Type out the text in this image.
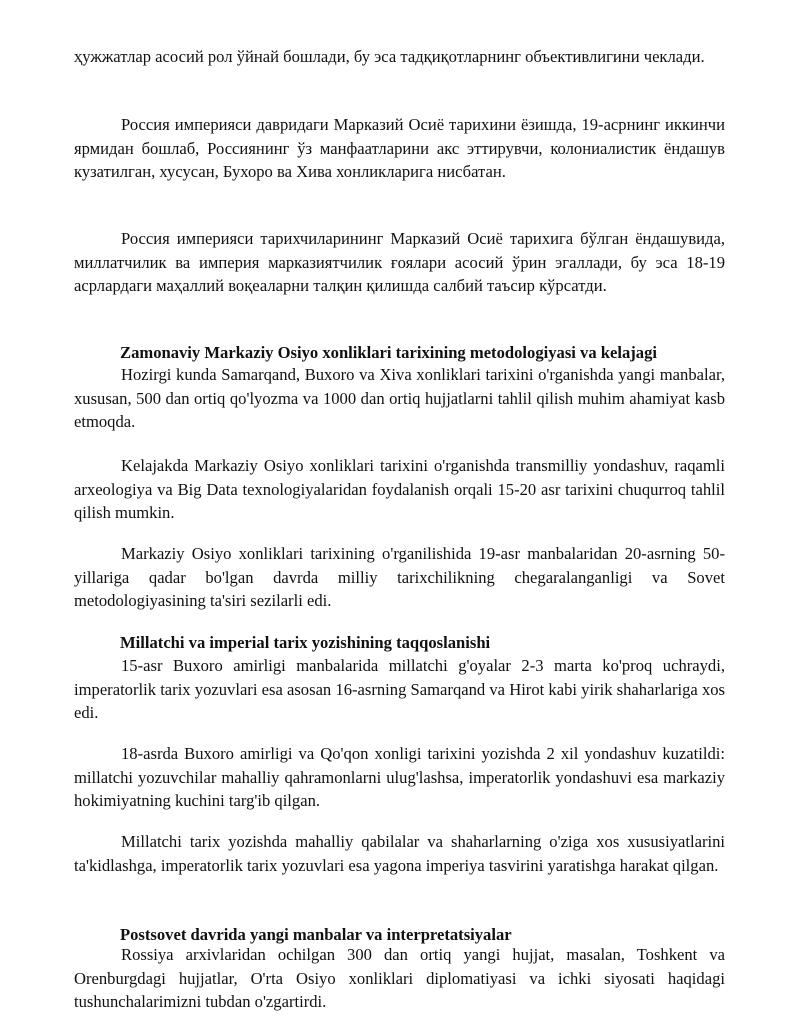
ҳужжатлар асосий рол ўйнай бошлади, бу эса тадқиқотларнинг объективлигини чеклади.

Россия империяси давридаги Марказий Осиё тарихини ёзишда, 19-асрнинг иккинчи ярмидан бошлаб, Россиянинг ўз манфаатларини акс эттирувчи, колониалистик ёндашув кузатилган, хусусан, Бухоро ва Хива хонликларига нисбатан.

Россия империяси тарихчиларининг Марказий Осиё тарихига бўлган ёндашувида, миллатчилик ва империя марказиятчилик ғоялари асосий ўрин эгаллади, бу эса 18-19 асрлардаги маҳаллий воқеаларни талқин қилишда салбий таъсир кўрсатди.

Zamonaviy Markaziy Osiyo xonliklari tarixining metodologiyasi va kelajagi

Hozirgi kunda Samarqand, Buxoro va Xiva xonliklari tarixini o'rganishda yangi manbalar, xususan, 500 dan ortiq qo'lyozma va 1000 dan ortiq hujjatlarni tahlil qilish muhim ahamiyat kasb etmoqda.

Kelajakda Markaziy Osiyo xonliklari tarixini o'rganishda transmilliy yondashuv, raqamli arxeologiya va Big Data texnologiyalaridan foydalanish orqali 15-20 asr tarixini chuqurroq tahlil qilish mumkin.

Markaziy Osiyo xonliklari tarixining o'rganilishida 19-asr manbalaridan 20-asrning 50-yillariga qadar bo'lgan davrda milliy tarixchilikning chegaralanganligi va Sovet metodologiyasining ta'siri sezilarli edi.

Millatchi va imperial tarix yozishining taqqoslanishi

15-asr Buxoro amirligi manbalarida millatchi g'oyalar 2-3 marta ko'proq uchraydi, imperatorlik tarix yozuvlari esa asosan 16-asrning Samarqand va Hirot kabi yirik shaharlariga xos edi.

18-asrda Buxoro amirligi va Qo'qon xonligi tarixini yozishda 2 xil yondashuv kuzatildi: millatchi yozuvchilar mahalliy qahramonlarni ulug'lashsa, imperatorlik yondashuvi esa markaziy hokimiyatning kuchini targ'ib qilgan.

Millatchi tarix yozishda mahalliy qabilalar va shaharlarning o'ziga xos xususiyatlarini ta'kidlashga, imperatorlik tarix yozuvlari esa yagona imperiya tasvirini yaratishga harakat qilgan.

Postsovet davrida yangi manbalar va interpretatsiyalar

Rossiya arxivlaridan ochilgan 300 dan ortiq yangi hujjat, masalan, Toshkent va Orenburgdagi hujjatlar, O'rta Osiyo xonliklari diplomatiyasi va ichki siyosati haqidagi tushunchalarimizni tubdan o'zgartirdi.
